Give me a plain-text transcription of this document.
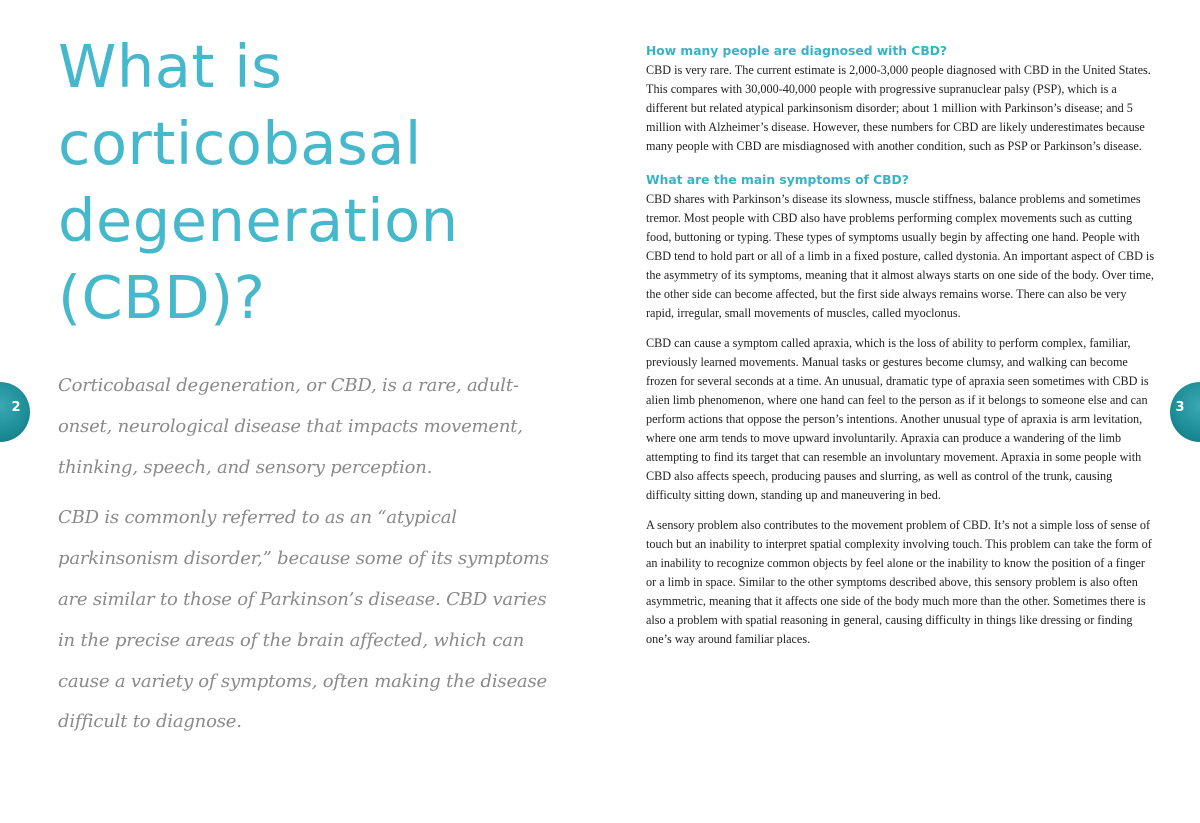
What is
corticobasal
degeneration
(CBD)?

Corticobasal degeneration, or CBD, is a rare, adult-onset, neurological disease that impacts movement, thinking, speech, and sensory perception.

CBD is commonly referred to as an “atypical parkinsonism disorder,” because some of its symptoms are similar to those of Parkinson’s disease. CBD varies in the precise areas of the brain affected, which can cause a variety of symptoms, often making the disease difficult to diagnose.

2
How many people are diagnosed with CBD?

CBD is very rare. The current estimate is 2,000-3,000 people diagnosed with CBD in the United States. This compares with 30,000-40,000 people with progressive supranuclear palsy (PSP), which is a different but related atypical parkinsonism disorder; about 1 million with Parkinson’s disease; and 5 million with Alzheimer’s disease. However, these numbers for CBD are likely underestimates because many people with CBD are misdiagnosed with another condition, such as PSP or Parkinson’s disease.

What are the main symptoms of CBD?

CBD shares with Parkinson’s disease its slowness, muscle stiffness, balance problems and sometimes tremor. Most people with CBD also have problems performing complex movements such as cutting food, buttoning or typing. These types of symptoms usually begin by affecting one hand. People with CBD tend to hold part or all of a limb in a fixed posture, called dystonia. An important aspect of CBD is the asymmetry of its symptoms, meaning that it almost always starts on one side of the body. Over time, the other side can become affected, but the first side always remains worse. There can also be very rapid, irregular, small movements of muscles, called myoclonus.

CBD can cause a symptom called apraxia, which is the loss of ability to perform complex, familiar, previously learned movements. Manual tasks or gestures become clumsy, and walking can become frozen for several seconds at a time. An unusual, dramatic type of apraxia seen sometimes with CBD is alien limb phenomenon, where one hand can feel to the person as if it belongs to someone else and can perform actions that oppose the person’s intentions. Another unusual type of apraxia is arm levitation, where one arm tends to move upward involuntarily. Apraxia can produce a wandering of the limb attempting to find its target that can resemble an involuntary movement. Apraxia in some people with CBD also affects speech, producing pauses and slurring, as well as control of the trunk, causing difficulty sitting down, standing up and maneuvering in bed.

A sensory problem also contributes to the movement problem of CBD. It’s not a simple loss of sense of touch but an inability to interpret spatial complexity involving touch. This problem can take the form of an inability to recognize common objects by feel alone or the inability to know the position of a finger or a limb in space. Similar to the other symptoms described above, this sensory problem is also often asymmetric, meaning that it affects one side of the body much more than the other. Sometimes there is also a problem with spatial reasoning in general, causing difficulty in things like dressing or finding one’s way around familiar places.

3
